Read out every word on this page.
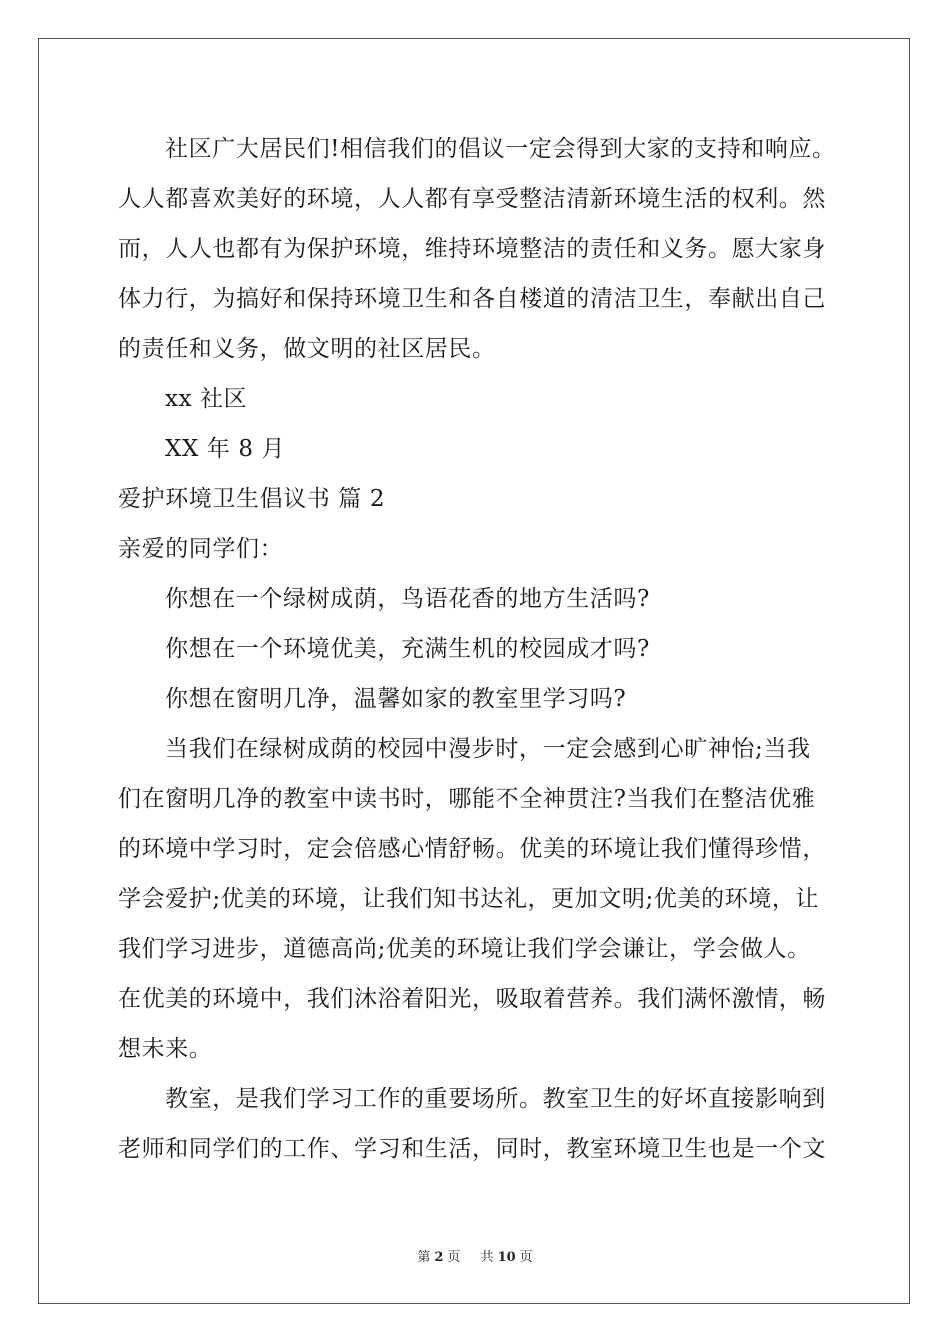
社区广大居民们!相信我们的倡议一定会得到大家的支持和响应。
人人都喜欢美好的环境，人人都有享受整洁清新环境生活的权利。然
而，人人也都有为保护环境，维持环境整洁的责任和义务。愿大家身
体力行，为搞好和保持环境卫生和各自楼道的清洁卫生，奉献出自己
的责任和义务，做文明的社区居民。
xx 社区
XX 年 8 月
爱护环境卫生倡议书 篇 2
亲爱的同学们：
你想在一个绿树成荫，鸟语花香的地方生活吗?
你想在一个环境优美，充满生机的校园成才吗?
你想在窗明几净，温馨如家的教室里学习吗?
当我们在绿树成荫的校园中漫步时，一定会感到心旷神怡;当我
们在窗明几净的教室中读书时，哪能不全神贯注?当我们在整洁优雅
的环境中学习时，定会倍感心情舒畅。优美的环境让我们懂得珍惜，
学会爱护;优美的环境，让我们知书达礼，更加文明;优美的环境，让
我们学习进步，道德高尚;优美的环境让我们学会谦让，学会做人。
在优美的环境中，我们沐浴着阳光，吸取着营养。我们满怀激情，畅
想未来。
教室，是我们学习工作的重要场所。教室卫生的好坏直接影响到
老师和同学们的工作、学习和生活，同时，教室环境卫生也是一个文
第 2 页 共 10 页
